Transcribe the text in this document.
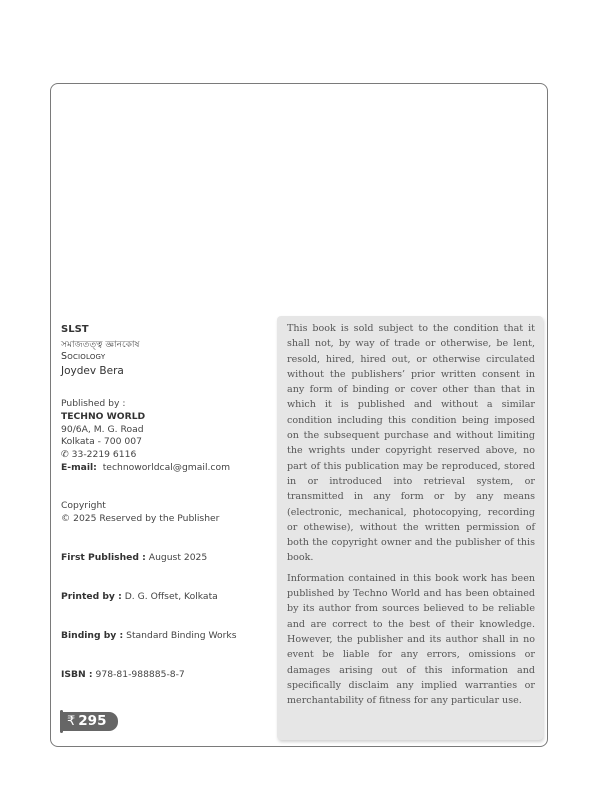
SLST
সমাজতত্ত্ব জ্ঞানকোষ
Sociology
Joydev Bera
Published by :
TECHNO WORLD
90/6A, M. G. Road
Kolkata - 700 007
✆ 33-2219 6116
E-mail: technoworldcal@gmail.com
Copyright
© 2025 Reserved by the Publisher
First Published : August 2025
Printed by : D. G. Offset, Kolkata
Binding by : Standard Binding Works
ISBN : 978-81-988885-8-7
₹ 295

This book is sold subject to the condition that it shall not, by way of trade or otherwise, be lent, resold, hired, hired out, or otherwise circulated without the publishers’ prior written consent in any form of binding or cover other than that in which it is published and without a similar condition including this condition being imposed on the subsequent purchase and without limiting the wrights under copyright reserved above, no part of this publication may be reproduced, stored in or introduced into retrieval system, or transmitted in any form or by any means (electronic, mechanical, photocopying, recording or othewise), without the written permission of both the copyright owner and the publisher of this book.

Information contained in this book work has been published by Techno World and has been obtained by its author from sources believed to be reliable and are correct to the best of their knowledge. However, the publisher and its author shall in no event be liable for any errors, omissions or damages arising out of this information and specifically disclaim any implied warranties or merchantability of fitness for any particular use.
